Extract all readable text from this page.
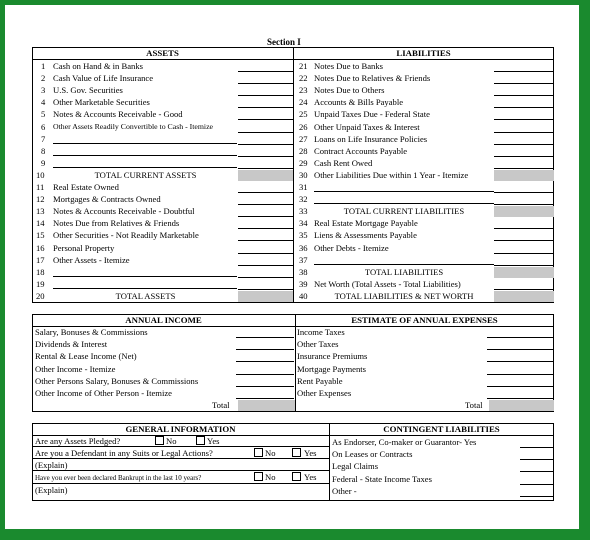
Section I
ASSETS	LIABILITIES
ANNUAL INCOME	ESTIMATE OF ANNUAL EXPENSES
GENERAL INFORMATION	CONTINGENT LIABILITIES
Are any Assets Pledged?	No	Yes
Are you a Defendant in any Suits or Legal Actions?	No	Yes
(Explain)
Have you ever been declared Bankrupt in the last 10 years?	No	Yes
(Explain)
1 Cash on Hand & in Banks
2 Cash Value of Life Insurance
3 U.S. Gov. Securities
4 Other Marketable Securities
5 Notes & Accounts Receivable - Good
6 Other Assets Readily Convertible to Cash - Itemize
7
8
9
10	TOTAL CURRENT ASSETS
11 Real Estate Owned
12 Mortgages & Contracts Owned
13 Notes & Accounts Receivable - Doubtful
14 Notes Due from Relatives & Friends
15 Other Securities - Not Readily Marketable
16 Personal Property
17 Other Assets - Itemize
18
19
20	TOTAL ASSETS
21 Notes Due to Banks
22 Notes Due to Relatives & Friends
23 Notes Due to Others
24 Accounts & Bills Payable
25 Unpaid Taxes Due - Federal State
26 Other Unpaid Taxes & Interest
27 Loans on Life Insurance Policies
28 Contract Accounts Payable
29 Cash Rent Owed
30 Other Liabilities Due within 1 Year - Itemize
31
32
33	TOTAL CURRENT LIABILITIES
34 Real Estate Mortgage Payable
35 Liens & Assessments Payable
36 Other Debts - Itemize
37
38	TOTAL LIABILITIES
39 Net Worth (Total Assets - Total Liabilities)
40	TOTAL LIABILITIES & NET WORTH
Salary, Bonuses & Commissions
Dividends & Interest
Rental & Lease Income (Net)
Other Income - Itemize
Other Persons Salary, Bonuses & Commissions
Other Income of Other Person - Itemize
Total
Income Taxes
Other Taxes
Insurance Premiums
Mortgage Payments
Rent Payable
Other Expenses
Total
As Endorser, Co-maker or Guarantor- Yes
On Leases or Contracts
Legal Claims
Federal - State Income Taxes
Other -
